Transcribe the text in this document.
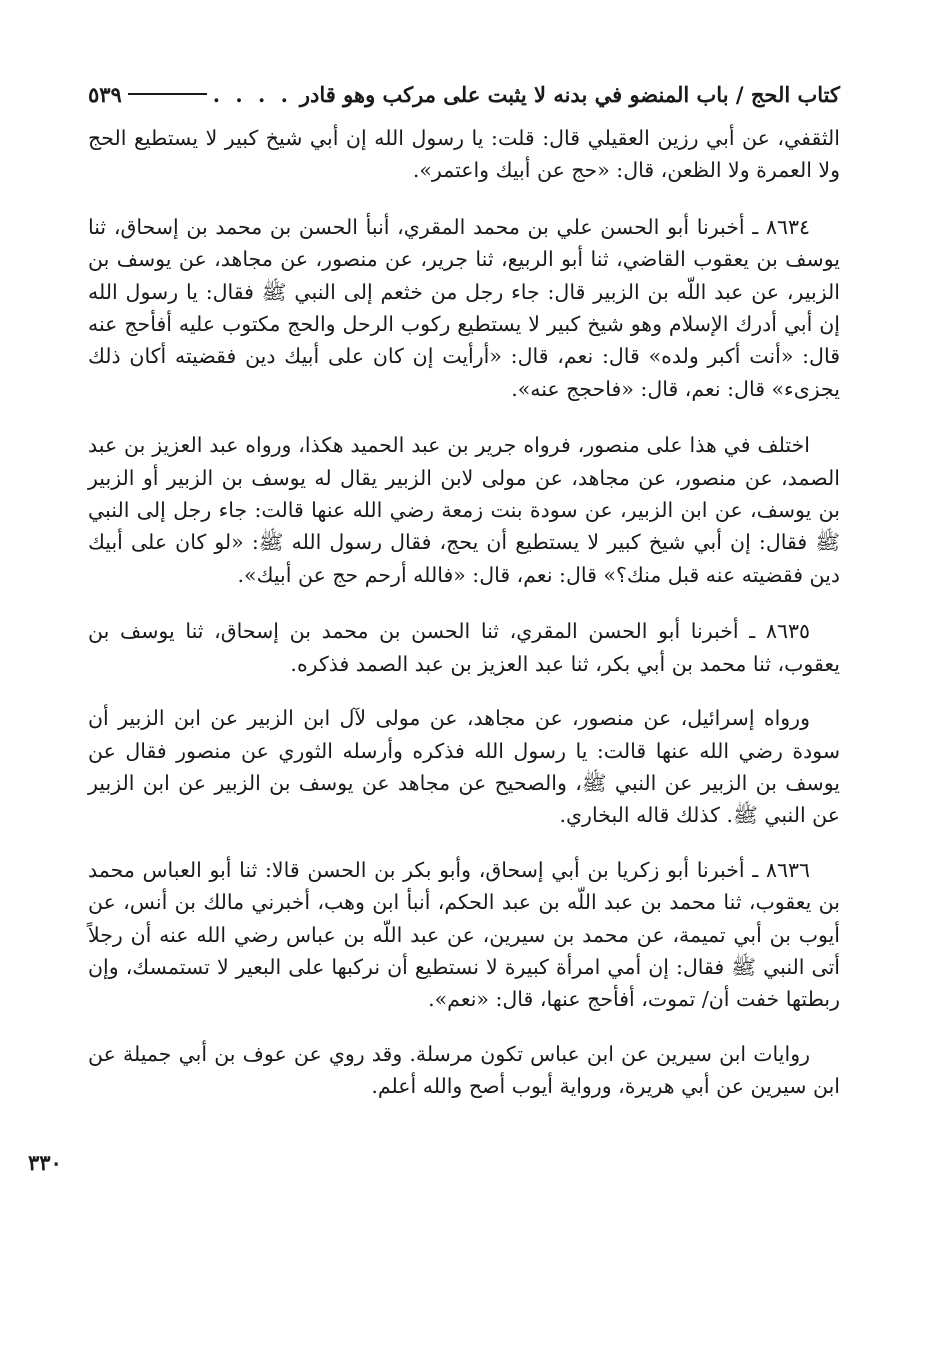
كتاب الحج / باب المنضو في بدنه لا يثبت على مركب وهو قادر
. . . .
٥٣٩

الثقفي، عن أبي رزين العقيلي قال: قلت: يا رسول الله إن أبي شيخ كبير لا يستطيع الحج ولا العمرة ولا الظعن، قال: «حج عن أبيك واعتمر».

٨٦٣٤ ـ أخبرنا أبو الحسن علي بن محمد المقري، أنبأ الحسن بن محمد بن إسحاق، ثنا يوسف بن يعقوب القاضي، ثنا أبو الربيع، ثنا جرير، عن منصور، عن مجاهد، عن يوسف بن الزبير، عن عبد اللّه بن الزبير قال: جاء رجل من خثعم إلى النبي ﷺ فقال: يا رسول الله إن أبي أدرك الإسلام وهو شيخ كبير لا يستطيع ركوب الرحل والحج مكتوب عليه أفأحج عنه قال: «أنت أكبر ولده» قال: نعم، قال: «أرأيت إن كان على أبيك دين فقضيته أكان ذلك يجزىء» قال: نعم، قال: «فاحجج عنه».

اختلف في هذا على منصور، فرواه جرير بن عبد الحميد هكذا، ورواه عبد العزيز بن عبد الصمد، عن منصور، عن مجاهد، عن مولى لابن الزبير يقال له يوسف بن الزبير أو الزبير بن يوسف، عن ابن الزبير، عن سودة بنت زمعة رضي الله عنها قالت: جاء رجل إلى النبي ﷺ فقال: إن أبي شيخ كبير لا يستطيع أن يحج، فقال رسول الله ﷺ: «لو كان على أبيك دين فقضيته عنه قبل منك؟» قال: نعم، قال: «فالله أرحم حج عن أبيك».

٨٦٣٥ ـ أخبرنا أبو الحسن المقري، ثنا الحسن بن محمد بن إسحاق، ثنا يوسف بن يعقوب، ثنا محمد بن أبي بكر، ثنا عبد العزيز بن عبد الصمد فذكره.

ورواه إسرائيل، عن منصور، عن مجاهد، عن مولى لآل ابن الزبير عن ابن الزبير أن سودة رضي الله عنها قالت: يا رسول الله فذكره وأرسله الثوري عن منصور فقال عن يوسف بن الزبير عن النبي ﷺ، والصحيح عن مجاهد عن يوسف بن الزبير عن ابن الزبير عن النبي ﷺ. كذلك قاله البخاري.

٨٦٣٦ ـ أخبرنا أبو زكريا بن أبي إسحاق، وأبو بكر بن الحسن قالا: ثنا أبو العباس محمد بن يعقوب، ثنا محمد بن عبد اللّه بن عبد الحكم، أنبأ ابن وهب، أخبرني مالك بن أنس، عن أيوب بن أبي تميمة، عن محمد بن سيرين، عن عبد اللّه بن عباس رضي الله عنه أن رجلاً أتى النبي ﷺ فقال: إن أمي امرأة كبيرة لا نستطيع أن نركبها على البعير لا تستمسك، وإن ربطتها خفت أن/ تموت، أفأحج عنها، قال: «نعم».

روايات ابن سيرين عن ابن عباس تكون مرسلة. وقد روي عن عوف بن أبي جميلة عن ابن سيرين عن أبي هريرة، ورواية أيوب أصح والله أعلم.

٣٣٠
